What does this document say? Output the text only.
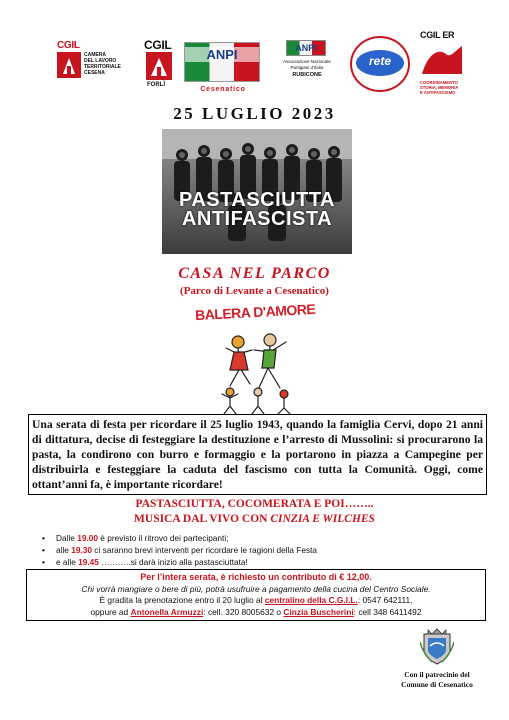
CGIL
CAMERA
DEL LAVORO
TERRITORIALE
CESENA
CGIL
FORLÌ
ANPI
Cesenatico
ANPI
Associazione Nazionale
Partigiani d'Italia
RUBICONE
rete
CGIL ER
COORDINAMENTO
STORIA, MEMORIA
E ANTIFASCISMO
25 LUGLIO 2023
PASTASCIUTTA
ANTIFASCISTA
CASA NEL PARCO
(Parco di Levante a Cesenatico)
BALERA D'AMORE
Una serata di festa per ricordare il 25 luglio 1943, quando la famiglia Cervi, dopo 21 anni di dittatura, decise di festeggiare la destituzione e l’arresto di Mussolini: si procurarono la pasta, la condirono con burro e formaggio e la portarono in piazza a Campegine per distribuirla e festeggiare la caduta del fascismo con tutta la Comunità. Oggi, come ottant’anni fa, è importante ricordare!
PASTASCIUTTA, COCOMERATA E POI……..
MUSICA DAL VIVO CON CINZIA E WILCHES
• Dalle 19.00 è previsto il ritrovo dei partecipanti;
• alle 19.30 ci saranno brevi interventi per ricordare le ragioni della Festa
• e alle 19.45 ………..si darà inizio alla pastasciuttata!
Per l’intera serata, è richiesto un contributo di € 12,00.
Chi vorrà mangiare o bere di più, potrà usufruire a pagamento della cucina del Centro Sociale.
È gradita la prenotazione entro il 20 luglio al centralino della C.G.I.L.: 0547 642111,
oppure ad Antonella Armuzzi: cell. 320 8005632 o Cinzia Buscherini: cell 348 6411492
Con il patrocinio del
Comune di Cesenatico
